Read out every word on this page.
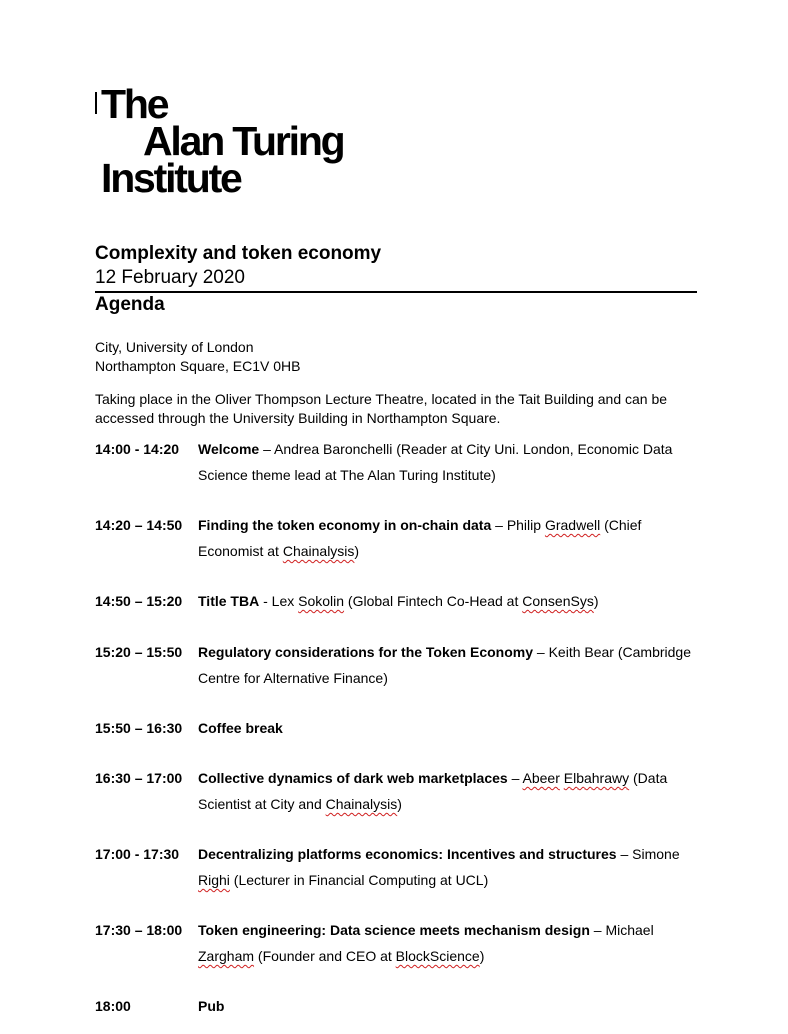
The
Alan Turing
Institute
Complexity and token economy
12 February 2020
Agenda
City, University of London
Northampton Square, EC1V 0HB
Taking place in the Oliver Thompson Lecture Theatre, located in the Tait Building and can be accessed through the University Building in Northampton Square.
14:00 - 14:20 Welcome – Andrea Baronchelli (Reader at City Uni. London, Economic Data Science theme lead at The Alan Turing Institute)
14:20 – 14:50 Finding the token economy in on-chain data – Philip Gradwell (Chief Economist at Chainalysis)
14:50 – 15:20 Title TBA - Lex Sokolin (Global Fintech Co-Head at ConsenSys)
15:20 – 15:50 Regulatory considerations for the Token Economy – Keith Bear (Cambridge Centre for Alternative Finance)
15:50 – 16:30 Coffee break
16:30 – 17:00 Collective dynamics of dark web marketplaces – Abeer Elbahrawy (Data Scientist at City and Chainalysis)
17:00 - 17:30 Decentralizing platforms economics: Incentives and structures – Simone Righi (Lecturer in Financial Computing at UCL)
17:30 – 18:00 Token engineering: Data science meets mechanism design – Michael Zargham (Founder and CEO at BlockScience)
18:00	Pub
